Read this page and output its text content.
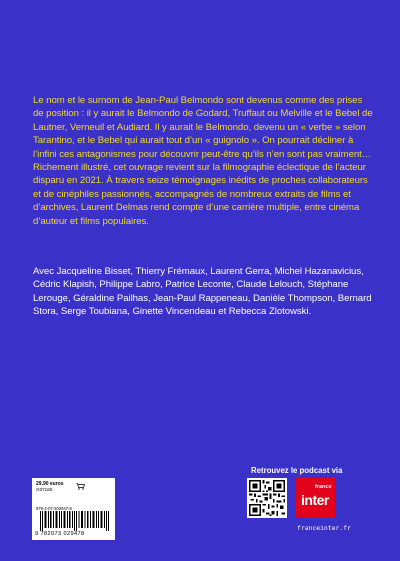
Le nom et le surnom de Jean-Paul Belmondo sont devenus comme des prises de position : il y aurait le Belmondo de Godard, Truffaut ou Melville et le Bebel de Lautner, Verneuil et Audiard. Il y aurait le Belmondo, devenu un « verbe » selon Tarantino, et le Bebel qui aurait tout d’un « guignolo ». On pourrait décliner à l’infini ces antagonismes pour découvrir peut-être qu’ils n’en sont pas vraiment… Richement illustré, cet ouvrage revient sur la filmographie éclectique de l’acteur disparu en 2021. À travers seize témoignages inédits de proches collaborateurs et de cinéphiles passionnés, accompagnés de nombreux extraits de films et d’archives, Laurent Delmas rend compte d’une carrière multiple, entre cinéma d’auteur et films populaires.

Avec Jacqueline Bisset, Thierry Frémaux, Laurent Gerra, Michel Hazanavicius, Cédric Klapish, Philippe Labro, Patrice Leconte, Claude Lelouch, Stéphane Lerouge, Géraldine Pailhas, Jean-Paul Rappeneau, Danièle Thompson, Bernard Stora, Serge Toubiana, Ginette Vincendeau et Rebecca Zlotowski.

29,90 euros
G07160
978-2-07-302947-8
9 782073 029478
Retrouvez le podcast via
france
inter
franceinter.fr
